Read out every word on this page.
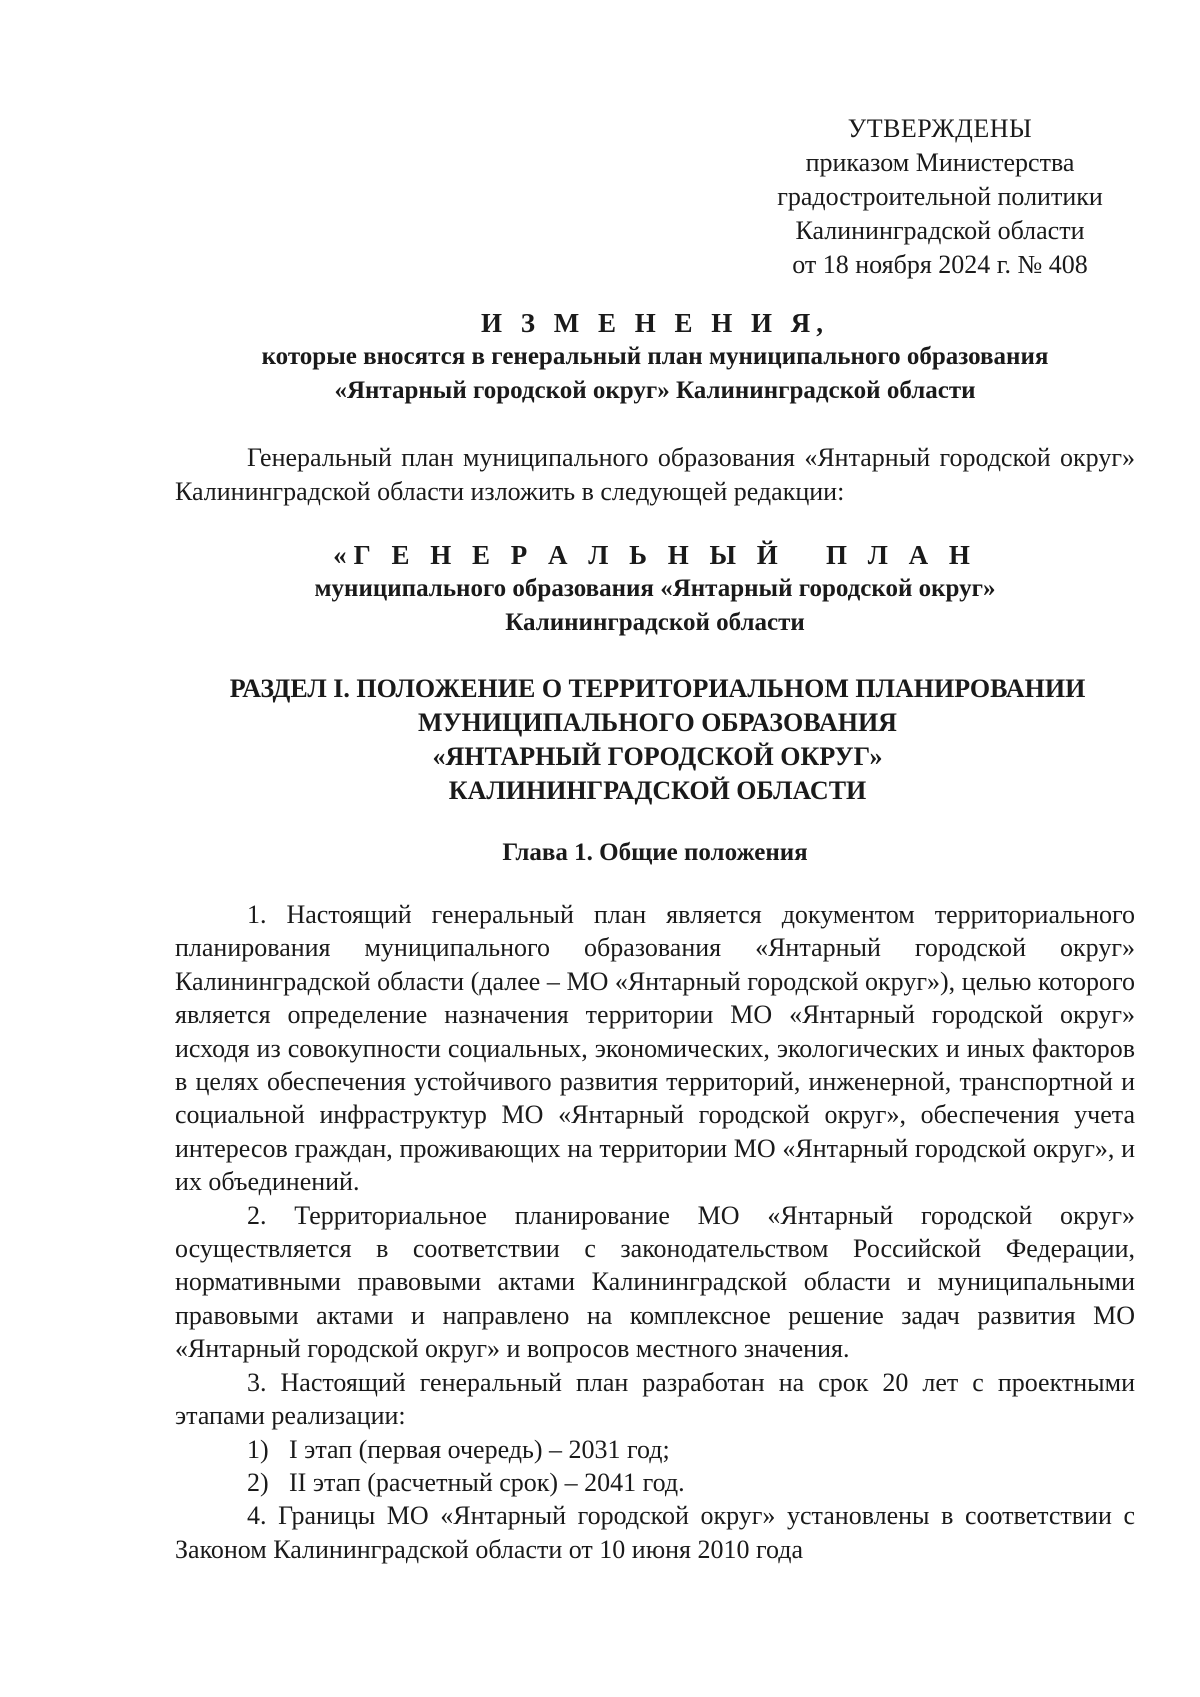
УТВЕРЖДЕНЫ
приказом Министерства
градостроительной политики
Калининградской области
от 18 ноября 2024 г. № 408
И З М Е Н Е Н И Я,
которые вносятся в генеральный план муниципального образования
«Янтарный городской округ» Калининградской области

Генеральный план муниципального образования «Янтарный городской округ» Калининградской области изложить в следующей редакции:

«Г Е Н Е Р А Л Ь Н Ы Й   П Л А Н
муниципального образования «Янтарный городской округ»
Калининградской области
РАЗДЕЛ I. ПОЛОЖЕНИЕ О ТЕРРИТОРИАЛЬНОМ ПЛАНИРОВАНИИ
МУНИЦИПАЛЬНОГО ОБРАЗОВАНИЯ
«ЯНТАРНЫЙ ГОРОДСКОЙ ОКРУГ»
КАЛИНИНГРАДСКОЙ ОБЛАСТИ
Глава 1. Общие положения

1. Настоящий генеральный план является документом территориального планирования муниципального образования «Янтарный городской округ» Калининградской области (далее – МО «Янтарный городской округ»), целью которого является определение назначения территории МО «Янтарный городской округ» исходя из совокупности социальных, экономических, экологических и иных факторов в целях обеспечения устойчивого развития территорий, инженерной, транспортной и социальной инфраструктур МО «Янтарный городской округ», обеспечения учета интересов граждан, проживающих на территории МО «Янтарный городской округ», и их объединений.

2. Территориальное планирование МО «Янтарный городской округ» осуществляется в соответствии с законодательством Российской Федерации, нормативными правовыми актами Калининградской области и муниципальными правовыми актами и направлено на комплексное решение задач развития МО «Янтарный городской округ» и вопросов местного значения.

3. Настоящий генеральный план разработан на срок 20 лет с проектными этапами реализации:

1) I этап (первая очередь) – 2031 год;
2) II этап (расчетный срок) – 2041 год.

4. Границы МО «Янтарный городской округ» установлены в соответствии с Законом Калининградской области от 10 июня 2010 года
